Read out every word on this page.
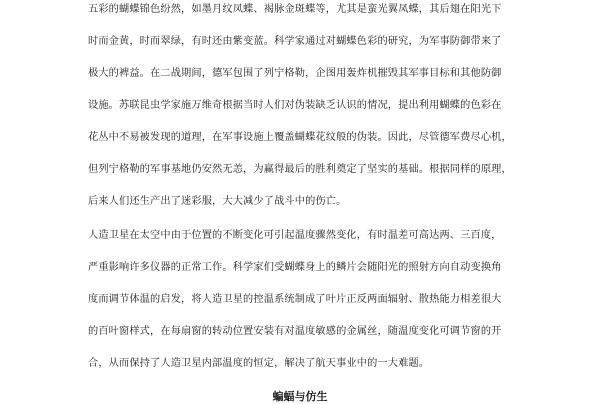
五彩的蝴蝶锦色纷然，如墨月纹凤蝶、褐脉金斑蝶等，尤其是蛮光翼凤蝶，其后翅在阳光下
时而金黄，时而翠绿，有时还由紫变蓝。科学家通过对蝴蝶色彩的研究，为军事防御带来了
极大的裨益。在二战期间，德军包围了列宁格勒，企图用轰炸机摧毁其军事目标和其他防御
设施。苏联昆虫学家施万维奇根据当时人们对伪装缺乏认识的情况，提出利用蝴蝶的色彩在
花丛中不易被发现的道理，在军事设施上覆盖蝴蝶花纹般的伪装。因此，尽管德军费尽心机，
但列宁格勒的军事基地仍安然无恙，为赢得最后的胜利奠定了坚实的基础。根据同样的原理，
后来人们还生产出了迷彩服，大大减少了战斗中的伤亡。
人造卫星在太空中由于位置的不断变化可引起温度骤然变化，有时温差可高达两、三百度，
严重影响许多仪器的正常工作。科学家们受蝴蝶身上的鳞片会随阳光的照射方向自动变换角
度而调节体温的启发，将人造卫星的控温系统制成了叶片正反两面辐射、散热能力相差很大
的百叶窗样式，在每扇窗的转动位置安装有对温度敏感的金属丝，随温度变化可调节窗的开
合，从而保持了人造卫星内部温度的恒定，解决了航天事业中的一大难题。
蝙蝠与仿生
